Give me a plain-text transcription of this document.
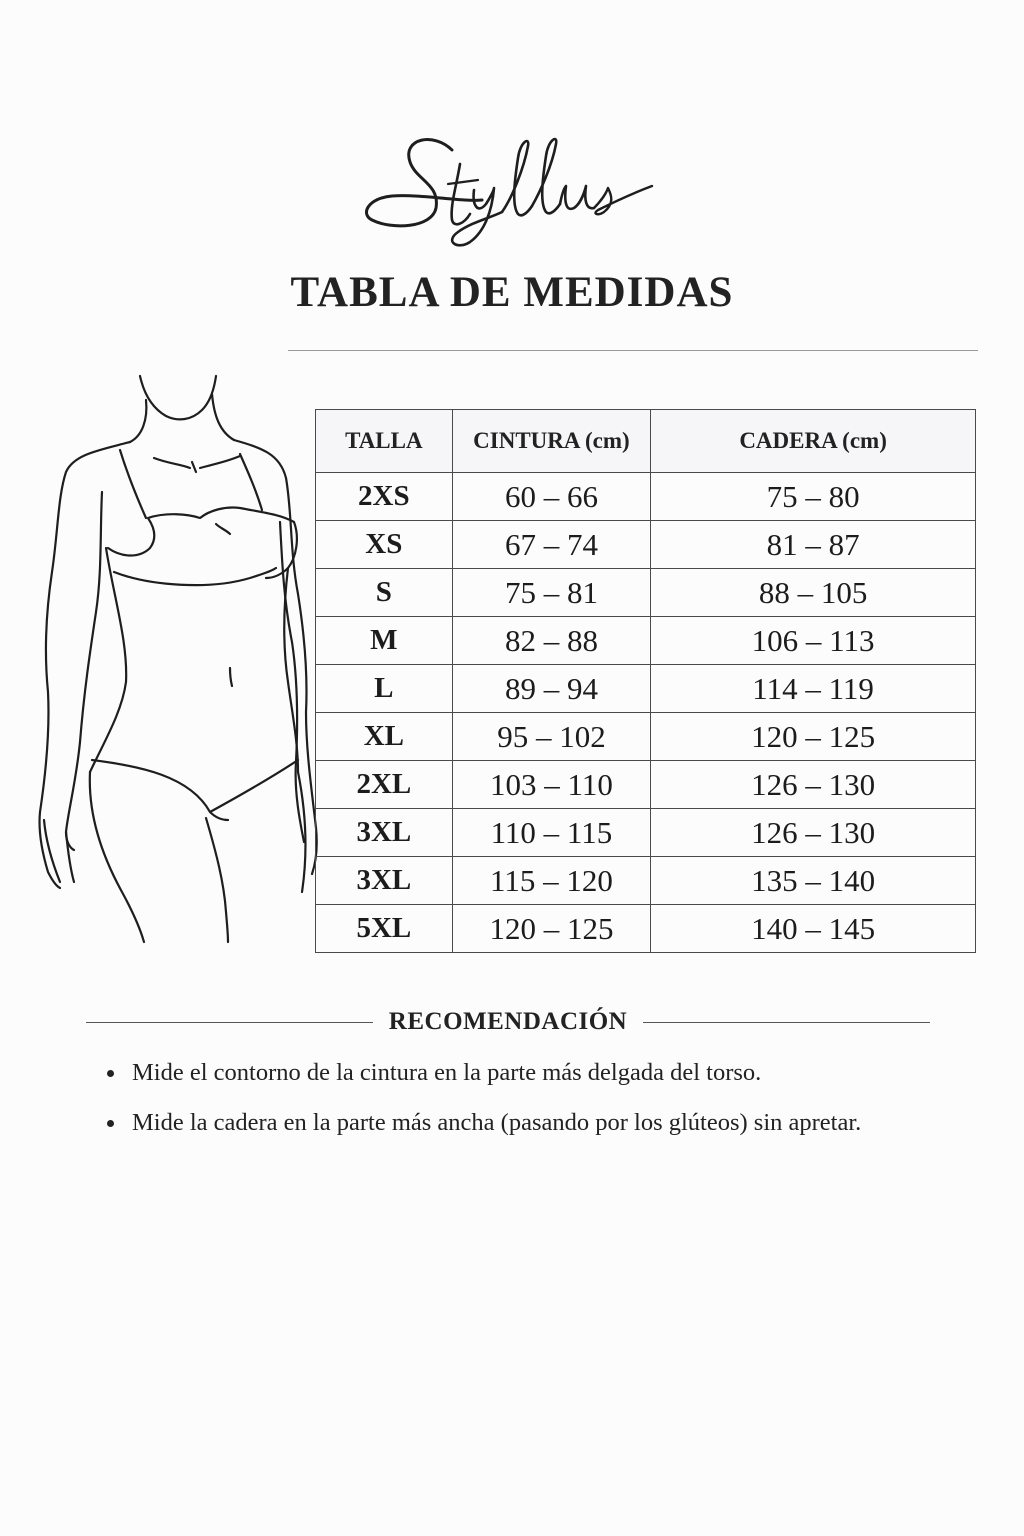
TABLA DE MEDIDAS
TALLA	CINTURA (cm)	CADERA (cm)
2XS	60 – 66	75 – 80
XS	67 – 74	81 – 87
S	75 – 81	88 – 105
M	82 – 88	106 – 113
L	89 – 94	114 – 119
XL	95 – 102	120 – 125
2XL	103 – 110	126 – 130
3XL	110 – 115	126 – 130
3XL	115 – 120	135 – 140
5XL	120 – 125	140 – 145
RECOMENDACIÓN
Mide el contorno de la cintura en la parte más delgada del torso.
Mide la cadera en la parte más ancha (pasando por los glúteos) sin apretar.
